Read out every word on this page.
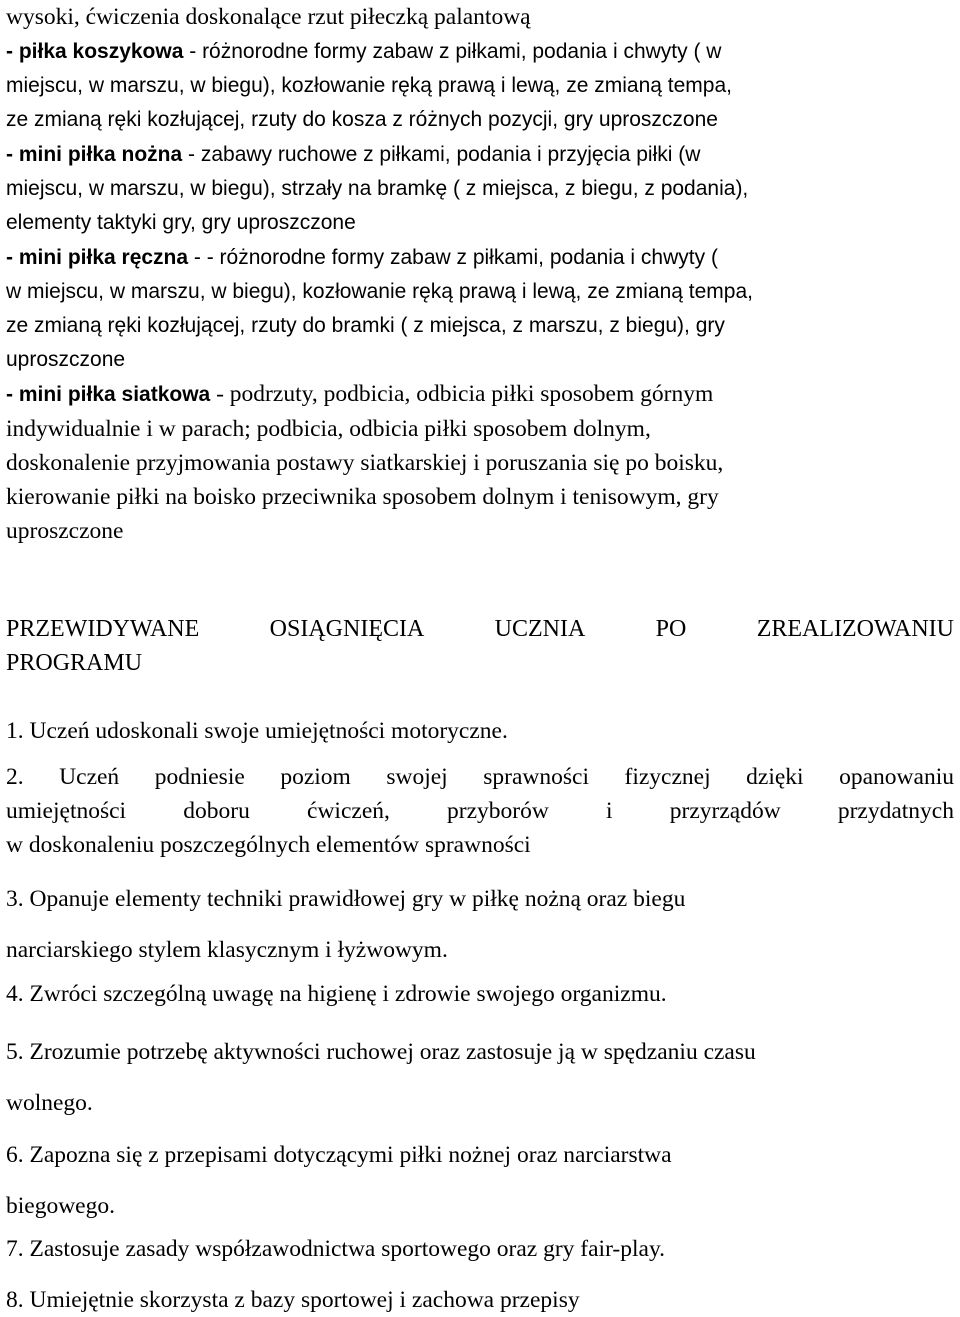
wysoki, ćwiczenia doskonalące rzut piłeczką palantową

- piłka koszykowa - różnorodne formy zabaw z piłkami, podania i chwyty ( w

miejscu, w marszu, w biegu), kozłowanie ręką prawą i lewą, ze zmianą tempa,

ze zmianą ręki kozłującej, rzuty do kosza z różnych pozycji, gry uproszczone

- mini piłka nożna - zabawy ruchowe z piłkami, podania i przyjęcia piłki (w

miejscu, w marszu, w biegu), strzały na bramkę ( z miejsca, z biegu, z podania),

elementy taktyki gry, gry uproszczone

- mini piłka ręczna - - różnorodne formy zabaw z piłkami, podania i chwyty (

w miejscu, w marszu, w biegu), kozłowanie ręką prawą i lewą, ze zmianą tempa,

ze zmianą ręki kozłującej, rzuty do bramki ( z miejsca, z marszu, z biegu), gry

uproszczone

- mini piłka siatkowa - podrzuty, podbicia, odbicia piłki sposobem górnym

indywidualnie i w parach; podbicia, odbicia piłki sposobem dolnym,

doskonalenie przyjmowania postawy siatkarskiej i poruszania się po boisku,

kierowanie piłki na boisko przeciwnika sposobem dolnym i tenisowym, gry

uproszczone

PRZEWIDYWANE	OSIĄGNIĘCIA	UCZNIA	PO	ZREALIZOWANIU
PROGRAMU

1. Uczeń udoskonali swoje umiejętności motoryczne.

2. Uczeń podniesie poziom swojej sprawności fizycznej dzięki opanowaniu
umiejętności doboru ćwiczeń, przyborów i przyrządów przydatnych
w doskonaleniu poszczególnych elementów sprawności

3. Opanuje elementy techniki prawidłowej gry w piłkę nożną oraz biegu
narciarskiego stylem klasycznym i łyżwowym.

4. Zwróci szczególną uwagę na higienę i zdrowie swojego organizmu.

5. Zrozumie potrzebę aktywności ruchowej oraz zastosuje ją w spędzaniu czasu
wolnego.
6. Zapozna się z przepisami dotyczącymi piłki nożnej oraz narciarstwa
biegowego.

7. Zastosuje zasady współzawodnictwa sportowego oraz gry fair-play.

8. Umiejętnie skorzysta z bazy sportowej i zachowa przepisy
